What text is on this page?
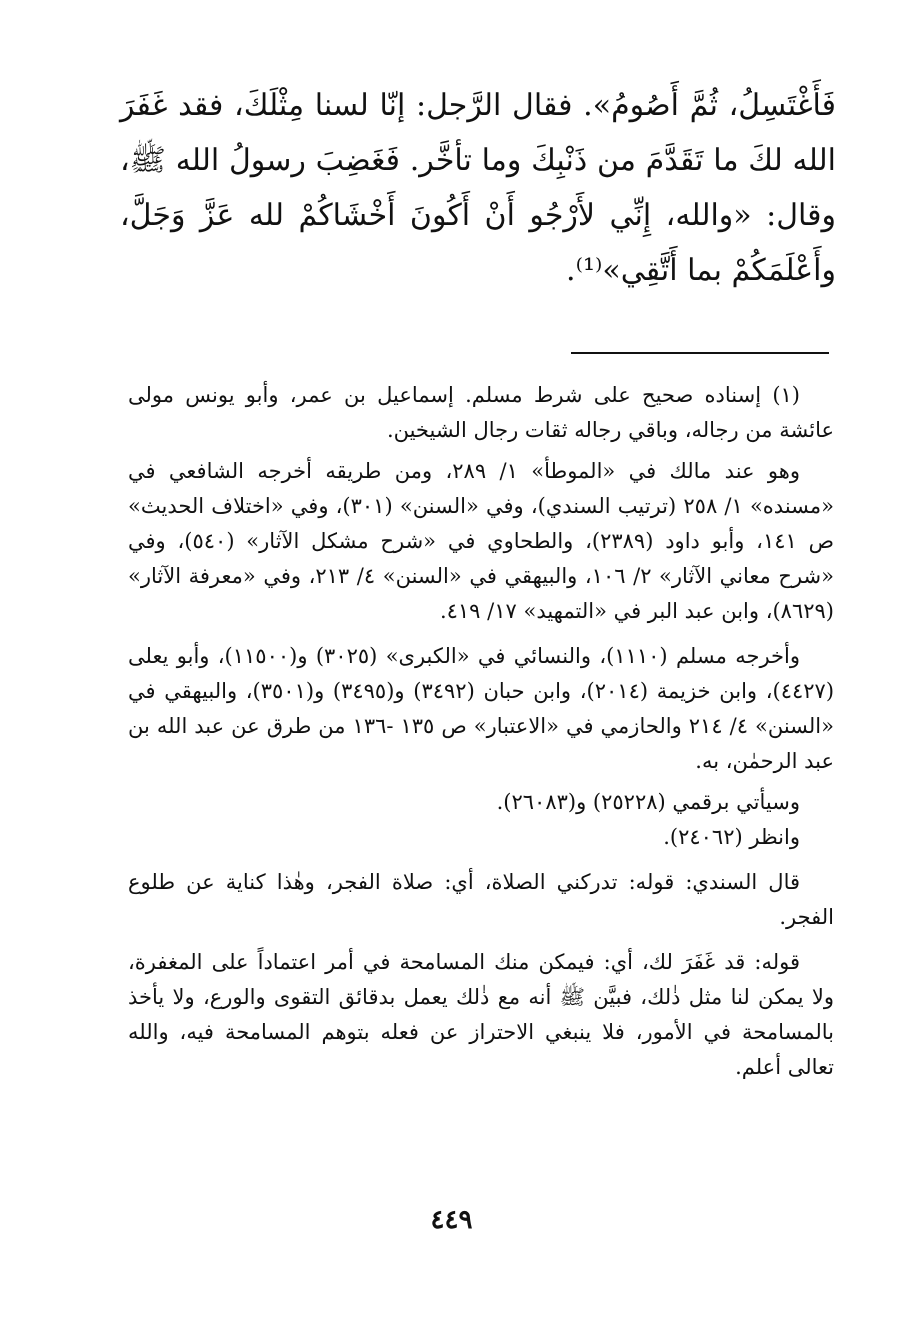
فَأَغْتَسِلُ، ثُمَّ أَصُومُ». فقال الرَّجل: إنّا لسنا مِثْلَكَ، فقد غَفَرَ الله لكَ ما تَقَدَّمَ من ذَنْبِكَ وما تأخَّر. فَغَضِبَ رسولُ الله ﷺ، وقال: «والله، إِنِّي لأَرْجُو أَنْ أَكُونَ أَخْشَاكُمْ لله عَزَّ وَجَلَّ، وأَعْلَمَكُمْ بما أَتَّقِي»⁽¹⁾.

(١) إسناده صحيح على شرط مسلم. إسماعيل بن عمر، وأبو يونس مولى عائشة من رجاله، وباقي رجاله ثقات رجال الشيخين.

وهو عند مالك في «الموطأ» ١/ ٢٨٩، ومن طريقه أخرجه الشافعي في «مسنده» ١/ ٢٥٨ (ترتيب السندي)، وفي «السنن» (٣٠١)، وفي «اختلاف الحديث» ص ١٤١، وأبو داود (٢٣٨٩)، والطحاوي في «شرح مشكل الآثار» (٥٤٠)، وفي «شرح معاني الآثار» ٢/ ١٠٦، والبيهقي في «السنن» ٤/ ٢١٣، وفي «معرفة الآثار» (٨٦٢٩)، وابن عبد البر في «التمهيد» ١٧/ ٤١٩.

وأخرجه مسلم (١١١٠)، والنسائي في «الكبرى» (٣٠٢٥) و(١١٥٠٠)، وأبو يعلى (٤٤٢٧)، وابن خزيمة (٢٠١٤)، وابن حبان (٣٤٩٢) و(٣٤٩٥) و(٣٥٠١)، والبيهقي في «السنن» ٤/ ٢١٤ والحازمي في «الاعتبار» ص ١٣٥ -١٣٦ من طرق عن عبد الله بن عبد الرحمٰن، به.

وسيأتي برقمي (٢٥٢٢٨) و(٢٦٠٨٣).

وانظر (٢٤٠٦٢).

قال السندي: قوله: تدركني الصلاة، أي: صلاة الفجر، وهٰذا كناية عن طلوع الفجر.

قوله: قد غَفَرَ لك، أي: فيمكن منك المسامحة في أمر اعتماداً على المغفرة، ولا يمكن لنا مثل ذٰلك، فبيَّن ﷺ أنه مع ذٰلك يعمل بدقائق التقوى والورع، ولا يأخذ بالمسامحة في الأمور، فلا ينبغي الاحتراز عن فعله بتوهم المسامحة فيه، والله تعالى أعلم.

٤٤٩
